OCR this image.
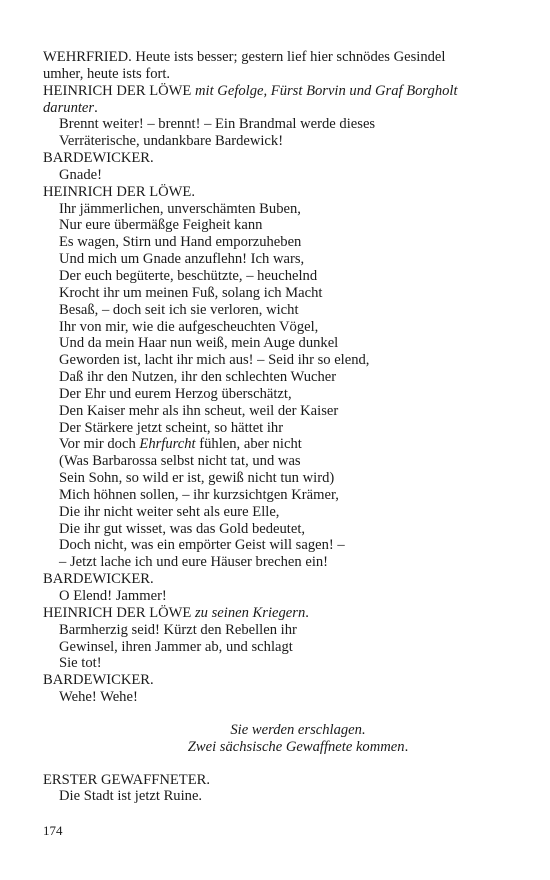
WEHRFRIED. Heute ists besser; gestern lief hier schnödes Gesindel
umher, heute ists fort.
HEINRICH DER LÖWE mit Gefolge, Fürst Borvin und Graf Borgholt
darunter.
Brennt weiter! – brennt! – Ein Brandmal werde dieses
Verräterische, undankbare Bardewick!
BARDEWICKER.
Gnade!
HEINRICH DER LÖWE.
Ihr jämmerlichen, unverschämten Buben,
Nur eure übermäßge Feigheit kann
Es wagen, Stirn und Hand emporzuheben
Und mich um Gnade anzuflehn! Ich wars,
Der euch begüterte, beschützte, – heuchelnd
Krocht ihr um meinen Fuß, solang ich Macht
Besaß, – doch seit ich sie verloren, wicht
Ihr von mir, wie die aufgescheuchten Vögel,
Und da mein Haar nun weiß, mein Auge dunkel
Geworden ist, lacht ihr mich aus! – Seid ihr so elend,
Daß ihr den Nutzen, ihr den schlechten Wucher
Der Ehr und eurem Herzog überschätzt,
Den Kaiser mehr als ihn scheut, weil der Kaiser
Der Stärkere jetzt scheint, so hättet ihr
Vor mir doch Ehrfurcht fühlen, aber nicht
(Was Barbarossa selbst nicht tat, und was
Sein Sohn, so wild er ist, gewiß nicht tun wird)
Mich höhnen sollen, – ihr kurzsichtgen Krämer,
Die ihr nicht weiter seht als eure Elle,
Die ihr gut wisset, was das Gold bedeutet,
Doch nicht, was ein empörter Geist will sagen! –
– Jetzt lache ich und eure Häuser brechen ein!
BARDEWICKER.
O Elend! Jammer!
HEINRICH DER LÖWE zu seinen Kriegern.
Barmherzig seid! Kürzt den Rebellen ihr
Gewinsel, ihren Jammer ab, und schlagt
Sie tot!
BARDEWICKER.
Wehe! Wehe!
Sie werden erschlagen.
Zwei sächsische Gewaffnete kommen.
ERSTER GEWAFFNETER.
Die Stadt ist jetzt Ruine.
174
